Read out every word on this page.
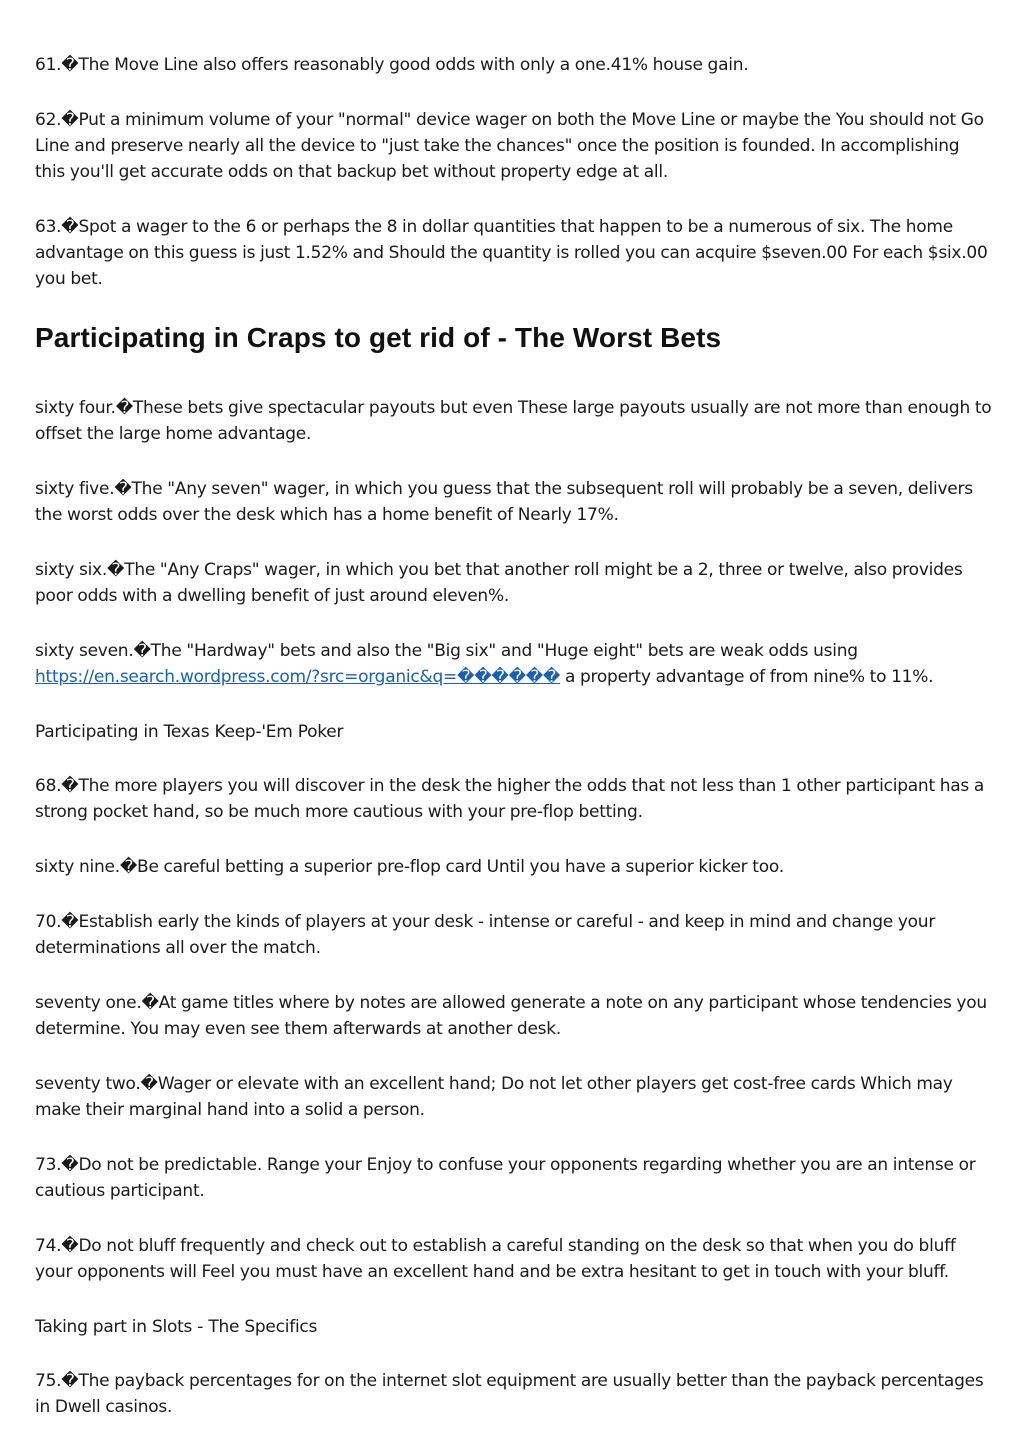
61.�The Move Line also offers reasonably good odds with only a one.41% house gain.

62.�Put a minimum volume of your "normal" device wager on both the Move Line or maybe the You should not Go Line and preserve nearly all the device to "just take the chances" once the position is founded. In accomplishing this you'll get accurate odds on that backup bet without property edge at all.

63.�Spot a wager to the 6 or perhaps the 8 in dollar quantities that happen to be a numerous of six. The home advantage on this guess is just 1.52% and Should the quantity is rolled you can acquire $seven.00 For each $six.00 you bet.

Participating in Craps to get rid of - The Worst Bets

sixty four.�These bets give spectacular payouts but even These large payouts usually are not more than enough to offset the large home advantage.

sixty five.�The "Any seven" wager, in which you guess that the subsequent roll will probably be a seven, delivers the worst odds over the desk which has a home benefit of Nearly 17%.

sixty six.�The "Any Craps" wager, in which you bet that another roll might be a 2, three or twelve, also provides poor odds with a dwelling benefit of just around eleven%.

sixty seven.�The "Hardway" bets and also the "Big six" and "Huge eight" bets are weak odds using https://en.search.wordpress.com/?src=organic&q=������ a property advantage of from nine% to 11%.

Participating in Texas Keep-'Em Poker

68.�The more players you will discover in the desk the higher the odds that not less than 1 other participant has a strong pocket hand, so be much more cautious with your pre-flop betting.

sixty nine.�Be careful betting a superior pre-flop card Until you have a superior kicker too.

70.�Establish early the kinds of players at your desk - intense or careful - and keep in mind and change your determinations all over the match.

seventy one.�At game titles where by notes are allowed generate a note on any participant whose tendencies you determine. You may even see them afterwards at another desk.

seventy two.�Wager or elevate with an excellent hand; Do not let other players get cost-free cards Which may make their marginal hand into a solid a person.

73.�Do not be predictable. Range your Enjoy to confuse your opponents regarding whether you are an intense or cautious participant.

74.�Do not bluff frequently and check out to establish a careful standing on the desk so that when you do bluff your opponents will Feel you must have an excellent hand and be extra hesitant to get in touch with your bluff.

Taking part in Slots - The Specifics

75.�The payback percentages for on the internet slot equipment are usually better than the payback percentages in Dwell casinos.
